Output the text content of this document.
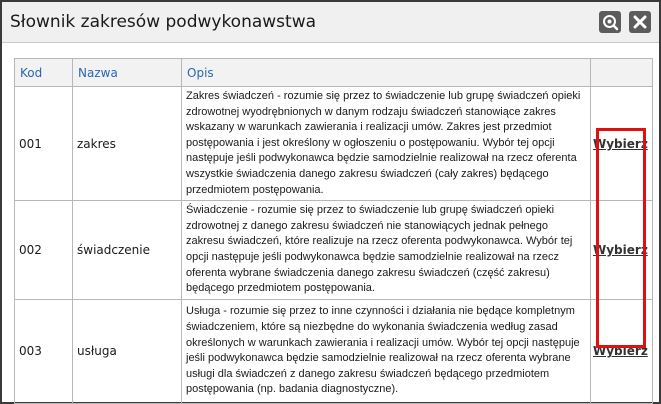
Słownik zakresów podwykonawstwa
Kod	Nazwa	Opis	
001	zakres	Zakres świadczeń - rozumie się przez to świadczenie lub grupę świadczeń opieki zdrowotnej wyodrębnionych w danym rodzaju świadczeń stanowiące zakres wskazany w warunkach zawierania i realizacji umów. Zakres jest przedmiot postępowania i jest określony w ogłoszeniu o postępowaniu. Wybór tej opcji następuje jeśli podwykonawca będzie samodzielnie realizował na rzecz oferenta wszystkie świadczenia danego zakresu świadczeń (cały zakres) będącego przedmiotem postępowania.	Wybierz
002	świadczenie	Świadczenie - rozumie się przez to świadczenie lub grupę świadczeń opieki zdrowotnej z danego zakresu świadczeń nie stanowiących jednak pełnego zakresu świadczeń, które realizuje na rzecz oferenta podwykonawca. Wybór tej opcji następuje jeśli podwykonawca będzie samodzielnie realizował na rzecz oferenta wybrane świadczenia danego zakresu świadczeń (część zakresu) będącego przedmiotem postępowania.	Wybierz
003	usługa	Usługa - rozumie się przez to inne czynności i działania nie będące kompletnym świadczeniem, które są niezbędne do wykonania świadczenia według zasad określonych w warunkach zawierania i realizacji umów. Wybór tej opcji następuje jeśli podwykonawca będzie samodzielnie realizował na rzecz oferenta wybrane usługi dla świadczeń z danego zakresu świadczeń będącego przedmiotem postępowania (np. badania diagnostyczne).	Wybierz
